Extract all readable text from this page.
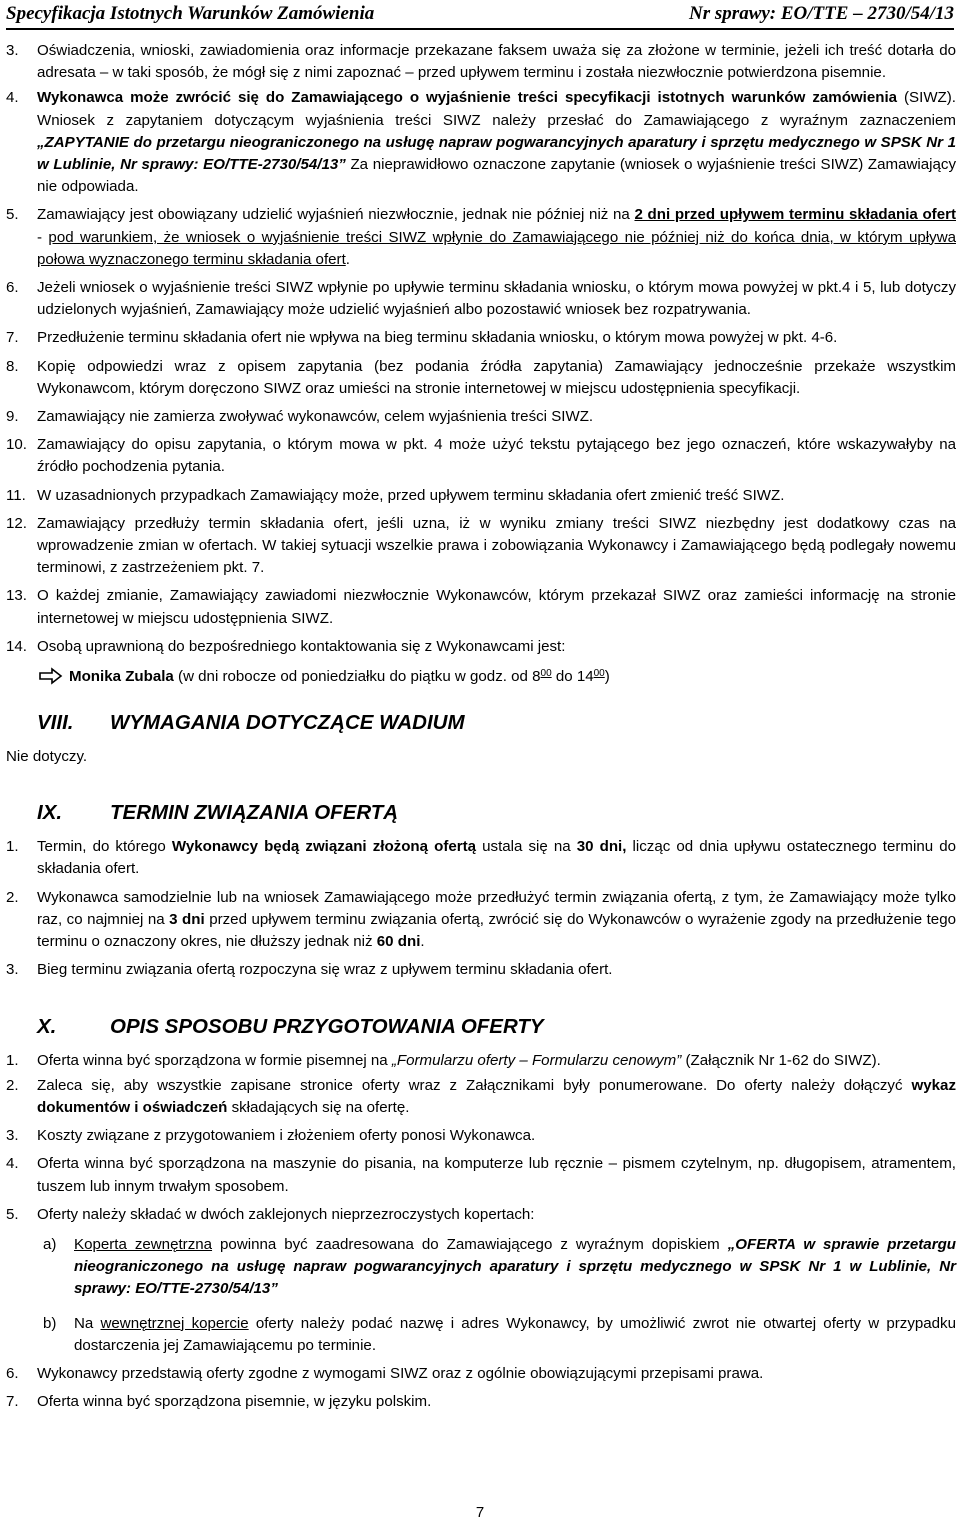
Specyfikacja Istotnych Warunków Zamówienia	Nr sprawy: EO/TTE – 2730/54/13
3. Oświadczenia, wnioski, zawiadomienia oraz informacje przekazane faksem uważa się za złożone w terminie, jeżeli ich treść dotarła do adresata – w taki sposób, że mógł się z nimi zapoznać – przed upływem terminu i została niezwłocznie potwierdzona pisemnie.

4. Wykonawca może zwrócić się do Zamawiającego o wyjaśnienie treści specyfikacji istotnych warunków zamówienia (SIWZ). Wniosek z zapytaniem dotyczącym wyjaśnienia treści SIWZ należy przesłać do Zamawiającego z wyraźnym zaznaczeniem „ZAPYTANIE do przetargu nieograniczonego na usługę napraw pogwarancyjnych aparatury i sprzętu medycznego w SPSK Nr 1 w Lublinie, Nr sprawy: EO/TTE-2730/54/13” Za nieprawidłowo oznaczone zapytanie (wniosek o wyjaśnienie treści SIWZ) Zamawiający nie odpowiada.

5. Zamawiający jest obowiązany udzielić wyjaśnień niezwłocznie, jednak nie później niż na 2 dni przed upływem terminu składania ofert - pod warunkiem, że wniosek o wyjaśnienie treści SIWZ wpłynie do Zamawiającego nie później niż do końca dnia, w którym upływa połowa wyznaczonego terminu składania ofert.

6. Jeżeli wniosek o wyjaśnienie treści SIWZ wpłynie po upływie terminu składania wniosku, o którym mowa powyżej w pkt.4 i 5, lub dotyczy udzielonych wyjaśnień, Zamawiający może udzielić wyjaśnień albo pozostawić wniosek bez rozpatrywania.

7. Przedłużenie terminu składania ofert nie wpływa na bieg terminu składania wniosku, o którym mowa powyżej w pkt. 4-6.

8. Kopię odpowiedzi wraz z opisem zapytania (bez podania źródła zapytania) Zamawiający jednocześnie przekaże wszystkim Wykonawcom, którym doręczono SIWZ oraz umieści na stronie internetowej w miejscu udostępnienia specyfikacji.

9. Zamawiający nie zamierza zwoływać wykonawców, celem wyjaśnienia treści SIWZ.

10. Zamawiający do opisu zapytania, o którym mowa w pkt. 4 może użyć tekstu pytającego bez jego oznaczeń, które wskazywałyby na źródło pochodzenia pytania.

11. W uzasadnionych przypadkach Zamawiający może, przed upływem terminu składania ofert zmienić treść SIWZ.

12. Zamawiający przedłuży termin składania ofert, jeśli uzna, iż w wyniku zmiany treści SIWZ niezbędny jest dodatkowy czas na wprowadzenie zmian w ofertach. W takiej sytuacji wszelkie prawa i zobowiązania Wykonawcy i Zamawiającego będą podlegały nowemu terminowi, z zastrzeżeniem pkt. 7.

13. O każdej zmianie, Zamawiający zawiadomi niezwłocznie Wykonawców, którym przekazał SIWZ oraz zamieści informację na stronie internetowej w miejscu udostępnienia SIWZ.

14. Osobą uprawnioną do bezpośredniego kontaktowania się z Wykonawcami jest:

Monika Zubala (w dni robocze od poniedziałku do piątku w godz. od $8^{00}$ do $14^{00}$)
VIII. WYMAGANIA DOTYCZĄCE WADIUM
Nie dotyczy.
IX. TERMIN ZWIĄZANIA OFERTĄ
1. Termin, do którego Wykonawcy będą związani złożoną ofertą ustala się na 30 dni, licząc od dnia upływu ostatecznego terminu do składania ofert.

2. Wykonawca samodzielnie lub na wniosek Zamawiającego może przedłużyć termin związania ofertą, z tym, że Zamawiający może tylko raz, co najmniej na 3 dni przed upływem terminu związania ofertą, zwrócić się do Wykonawców o wyrażenie zgody na przedłużenie tego terminu o oznaczony okres, nie dłuższy jednak niż 60 dni.

3. Bieg terminu związania ofertą rozpoczyna się wraz z upływem terminu składania ofert.

X.	OPIS SPOSOBU PRZYGOTOWANIA OFERTY
1. Oferta winna być sporządzona w formie pisemnej na „Formularzu oferty – Formularzu cenowym” (Załącznik Nr 1-62 do SIWZ).

2. Zaleca się, aby wszystkie zapisane stronice oferty wraz z Załącznikami były ponumerowane. Do oferty należy dołączyć wykaz dokumentów i oświadczeń składających się na ofertę.

3. Koszty związane z przygotowaniem i złożeniem oferty ponosi Wykonawca.

4. Oferta winna być sporządzona na maszynie do pisania, na komputerze lub ręcznie – pismem czytelnym, np. długopisem, atramentem, tuszem lub innym trwałym sposobem.

5. Oferty należy składać w dwóch zaklejonych nieprzezroczystych kopertach:

a) Koperta zewnętrzna powinna być zaadresowana do Zamawiającego z wyraźnym dopiskiem „OFERTA w sprawie przetargu nieograniczonego na usługę napraw pogwarancyjnych aparatury i sprzętu medycznego w SPSK Nr 1 w Lublinie, Nr sprawy: EO/TTE-2730/54/13”

b) Na wewnętrznej kopercie oferty należy podać nazwę i adres Wykonawcy, by umożliwić zwrot nie otwartej oferty w przypadku dostarczenia jej Zamawiającemu po terminie.

6. Wykonawcy przedstawią oferty zgodne z wymogami SIWZ oraz z ogólnie obowiązującymi przepisami prawa.

7. Oferta winna być sporządzona pisemnie, w języku polskim.

7
